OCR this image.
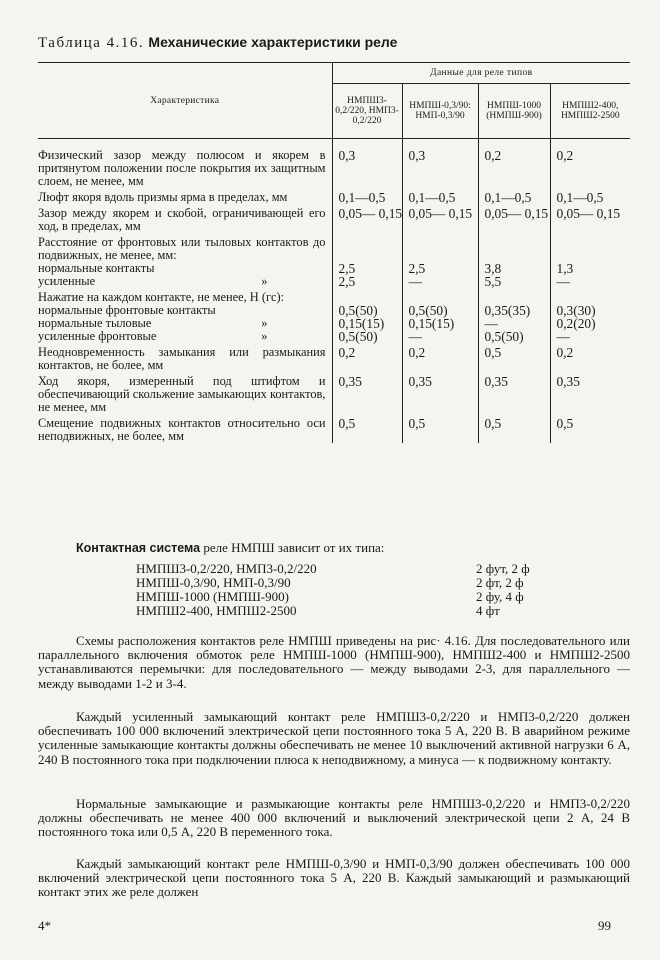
Таблица 4.16. Механические характеристики реле
Характеристика	Данные для реле типов			
	НМПШ3-0,2/220, НМП3-0,2/220	НМПШ-0,3/90: НМП-0,3/90	НМПШ-1000 (НМПШ-900)	НМПШ2-400, НМПШ2-2500
Физический зазор между полюсом и якорем в притянутом положении после покрытия их защитным слоем, не менее, мм	0,3	0,3	0,2	0,2
Люфт якоря вдоль призмы ярма в пределах, мм	0,1—0,5	0,1—0,5	0,1—0,5	0,1—0,5
Зазор между якорем и скобой, ограничивающей его ход, в пределах, мм	0,05— 0,15	0,05— 0,15	0,05— 0,15	0,05— 0,15
Расстояние от фронтовых или тыловых контактов до подвижных, не менее, мм:				
нормальные контакты	2,5	2,5	3,8	1,3

усиленные »	2,5	—	5,5	—
Нажатие на каждом контакте, не менее, Н (гс):				
нормальные фронтовые контакты	0,5(50)	0,5(50)	0,35(35)	0,3(30)

нормальные тыловые »	0,15(15)	0,15(15)	—	0,2(20)

усиленные фронтовые »	0,5(50)	—	0,5(50)	—
Неодновременность замыкания или размыкания контактов, не более, мм	0,2	0,2	0,5	0,2
Ход якоря, измеренный под штифтом и обеспечивающий скольжение замыкающих контактов, не менее, мм	0,35	0,35	0,35	0,35
Смещение подвижных контактов относительно оси неподвижных, не более, мм	0,5	0,5	0,5	0,5
Контактная система реле НМПШ зависит от их типа:
НМПШ3-0,2/220, НМП3-0,2/220	2 фут, 2 ф
НМПШ-0,3/90, НМП-0,3/90	2 фт, 2 ф
НМПШ-1000 (НМПШ-900)	2 фу, 4 ф
НМПШ2-400, НМПШ2-2500	4 фт
Схемы расположения контактов реле НМПШ приведены на рис· 4.16. Для последовательного или параллельного включения обмоток реле НМПШ-1000 (НМПШ-900), НМПШ2-400 и НМПШ2-2500 устанавливаются перемычки: для последовательного — между выводами 2-3, для параллельного — между выводами 1-2 и 3-4.
Каждый усиленный замыкающий контакт реле НМПШ3-0,2/220 и НМП3-0,2/220 должен обеспечивать 100 000 включений электрической цепи постоянного тока 5 А, 220 В. В аварийном режиме усиленные замыкающие контакты должны обеспечивать не менее 10 выключений активной нагрузки 6 А, 240 В постоянного тока при подключении плюса к неподвижному, а минуса — к подвижному контакту.
Нормальные замыкающие и размыкающие контакты реле НМПШ3-0,2/220 и НМП3-0,2/220 должны обеспечивать не менее 400 000 включений и выключений электрической цепи 2 А, 24 В постоянного тока или 0,5 А, 220 В переменного тока.
Каждый замыкающий контакт реле НМПШ-0,3/90 и НМП-0,3/90 должен обеспечивать 100 000 включений электрической цепи постоянного тока 5 А, 220 В. Каждый замыкающий и размыкающий контакт этих же реле должен
4*	99
